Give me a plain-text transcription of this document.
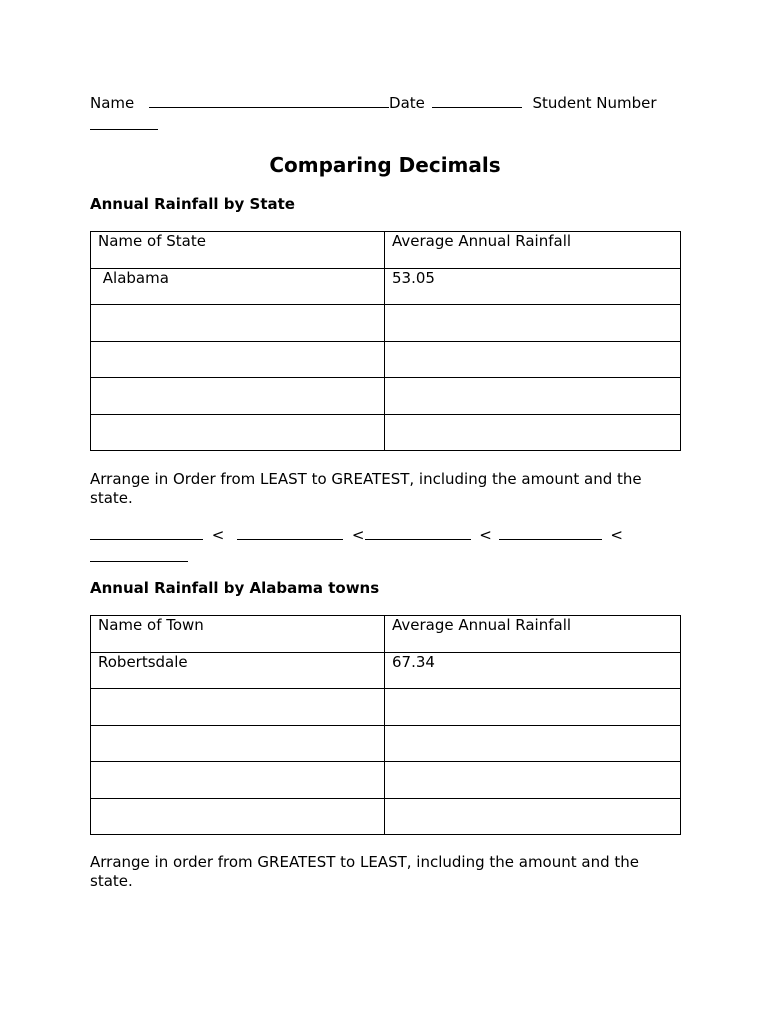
Name	Date	Student Number
Comparing Decimals
Annual Rainfall by State
Name of State	Average Annual Rainfall

Alabama	53.05

Arrange in Order from LEAST to GREATEST, including the amount and the state.
<	<	<	<
Annual Rainfall by Alabama towns
Name of Town	Average Annual Rainfall

Robertsdale	67.34

Arrange in order from GREATEST to LEAST, including the amount and the state.
